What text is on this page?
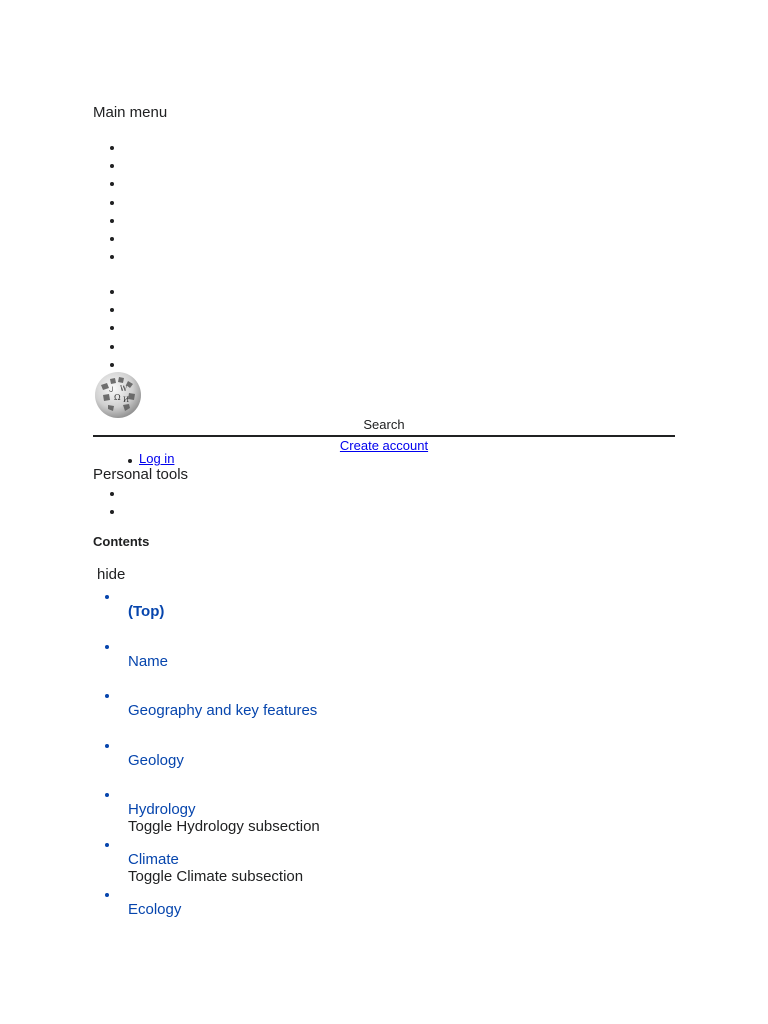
Main menu
Ω
W
И
ل
Search
Create account
Log in
Personal tools
Contents
hide
(Top)
Name
Geography and key features
Geology
Hydrology
Toggle Hydrology subsection
Climate
Toggle Climate subsection
Ecology
